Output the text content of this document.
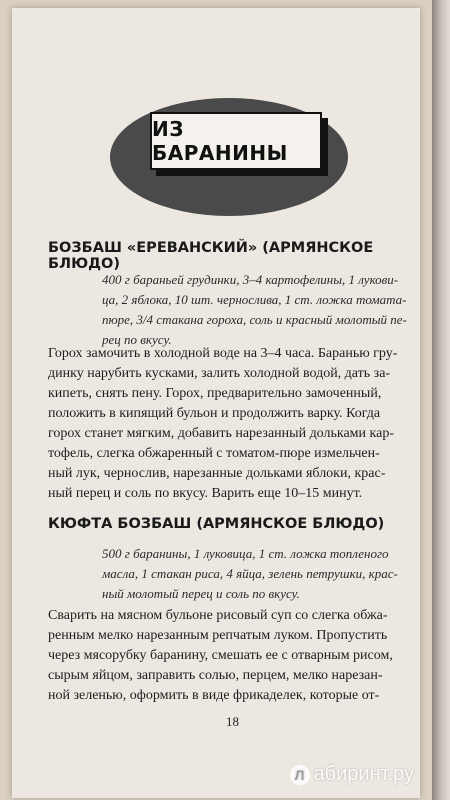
ИЗ БАРАНИНЫ
БОЗБАШ «ЕРЕВАНСКИЙ» (АРМЯНСКОЕ БЛЮДО)
400 г бараньей грудинки, 3–4 картофелины, 1 лукови-
ца, 2 яблока, 10 шт. чернослива, 1 ст. ложка томата-
пюре, 3/4 стакана гороха, соль и красный молотый пе-
рец по вкусу.
Горох замочить в холодной воде на 3–4 часа. Баранью гру-
динку нарубить кусками, залить холодной водой, дать за-
кипеть, снять пену. Горох, предварительно замоченный,
положить в кипящий бульон и продолжить варку. Когда
горох станет мягким, добавить нарезанный дольками кар-
тофель, слегка обжаренный с томатом-пюре измельчен-
ный лук, чернослив, нарезанные дольками яблоки, крас-
ный перец и соль по вкусу. Варить еще 10–15 минут.
КЮФТА БОЗБАШ (АРМЯНСКОЕ БЛЮДО)
500 г баранины, 1 луковица, 1 ст. ложка топленого
масла, 1 стакан риса, 4 яйца, зелень петрушки, крас-
ный молотый перец и соль по вкусу.
Сварить на мясном бульоне рисовый суп со слегка обжа-
ренным мелко нарезанным репчатым луком. Пропустить
через мясорубку баранину, смешать ее с отварным рисом,
сырым яйцом, заправить солью, перцем, мелко нарезан-
ной зеленью, оформить в виде фрикаделек, которые от-
18
Л абиринт.ру
